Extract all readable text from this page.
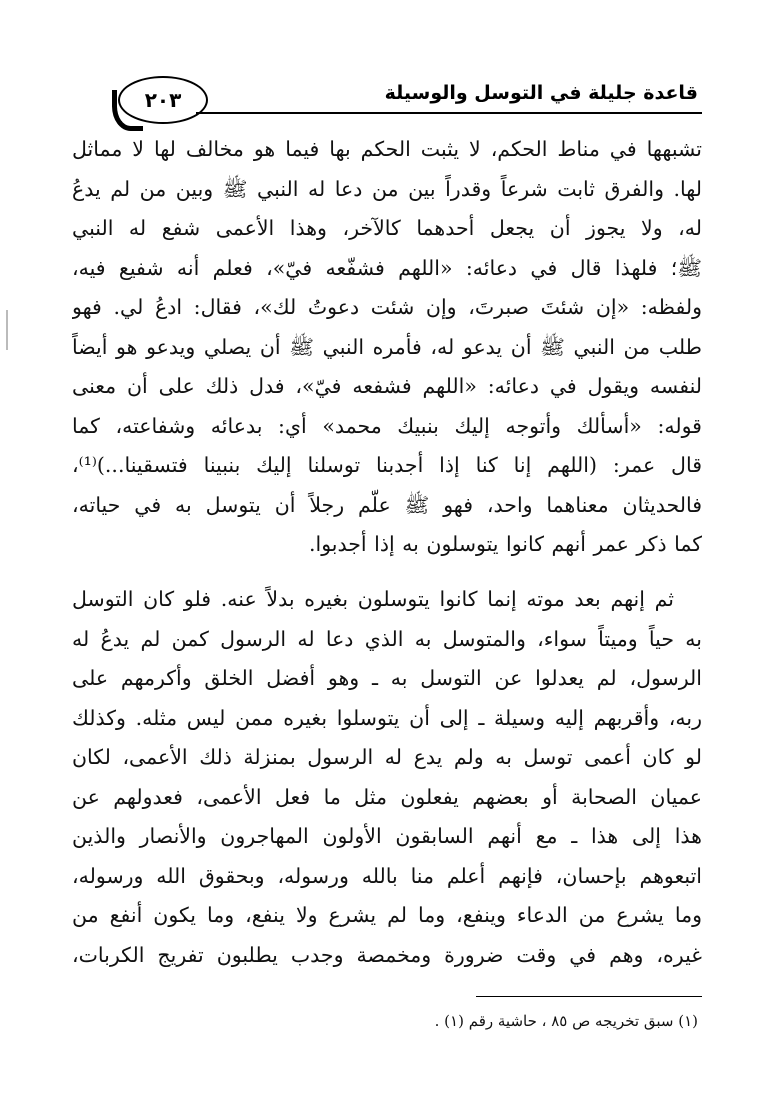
قاعدة جليلة في التوسل والوسيلة
٢٠٣
تشبهها في مناط الحكم، لا يثبت الحكم بها فيما هو مخالف لها لا مماثل
لها. والفرق ثابت شرعاً وقدراً بين من دعا له النبي ﷺ وبين من لم يدعُ
له، ولا يجوز أن يجعل أحدهما كالآخر، وهذا الأعمى شفع له النبي
ﷺ؛ فلهذا قال في دعائه: «اللهم فشفّعه فيّ»، فعلم أنه شفيع فيه،
ولفظه: «إن شئتَ صبرتَ، وإن شئت دعوتُ لك»، فقال: ادعُ لي. فهو
طلب من النبي ﷺ أن يدعو له، فأمره النبي ﷺ أن يصلي ويدعو هو أيضاً
لنفسه ويقول في دعائه: «اللهم فشفعه فيّ»، فدل ذلك على أن معنى
قوله: «أسألك وأتوجه إليك بنبيك محمد» أي: بدعائه وشفاعته، كما
قال عمر: (اللهم إنا كنا إذا أجدبنا توسلنا إليك بنبينا فتسقينا...)⁽¹⁾،
فالحديثان معناهما واحد، فهو ﷺ علّم رجلاً أن يتوسل به في حياته،
كما ذكر عمر أنهم كانوا يتوسلون به إذا أجدبوا.
ثم إنهم بعد موته إنما كانوا يتوسلون بغيره بدلاً عنه. فلو كان التوسل
به حياً وميتاً سواء، والمتوسل به الذي دعا له الرسول كمن لم يدعُ له
الرسول، لم يعدلوا عن التوسل به ـ وهو أفضل الخلق وأكرمهم على
ربه، وأقربهم إليه وسيلة ـ إلى أن يتوسلوا بغيره ممن ليس مثله. وكذلك
لو كان أعمى توسل به ولم يدع له الرسول بمنزلة ذلك الأعمى، لكان
عميان الصحابة أو بعضهم يفعلون مثل ما فعل الأعمى، فعدولهم عن
هذا إلى هذا ـ مع أنهم السابقون الأولون المهاجرون والأنصار والذين
اتبعوهم بإحسان، فإنهم أعلم منا بالله ورسوله، وبحقوق الله ورسوله،
وما يشرع من الدعاء وينفع، وما لم يشرع ولا ينفع، وما يكون أنفع من
غيره، وهم في وقت ضرورة ومخمصة وجدب يطلبون تفريج الكربات،
(١) سبق تخريجه ص ٨٥ ، حاشية رقم (١) .
